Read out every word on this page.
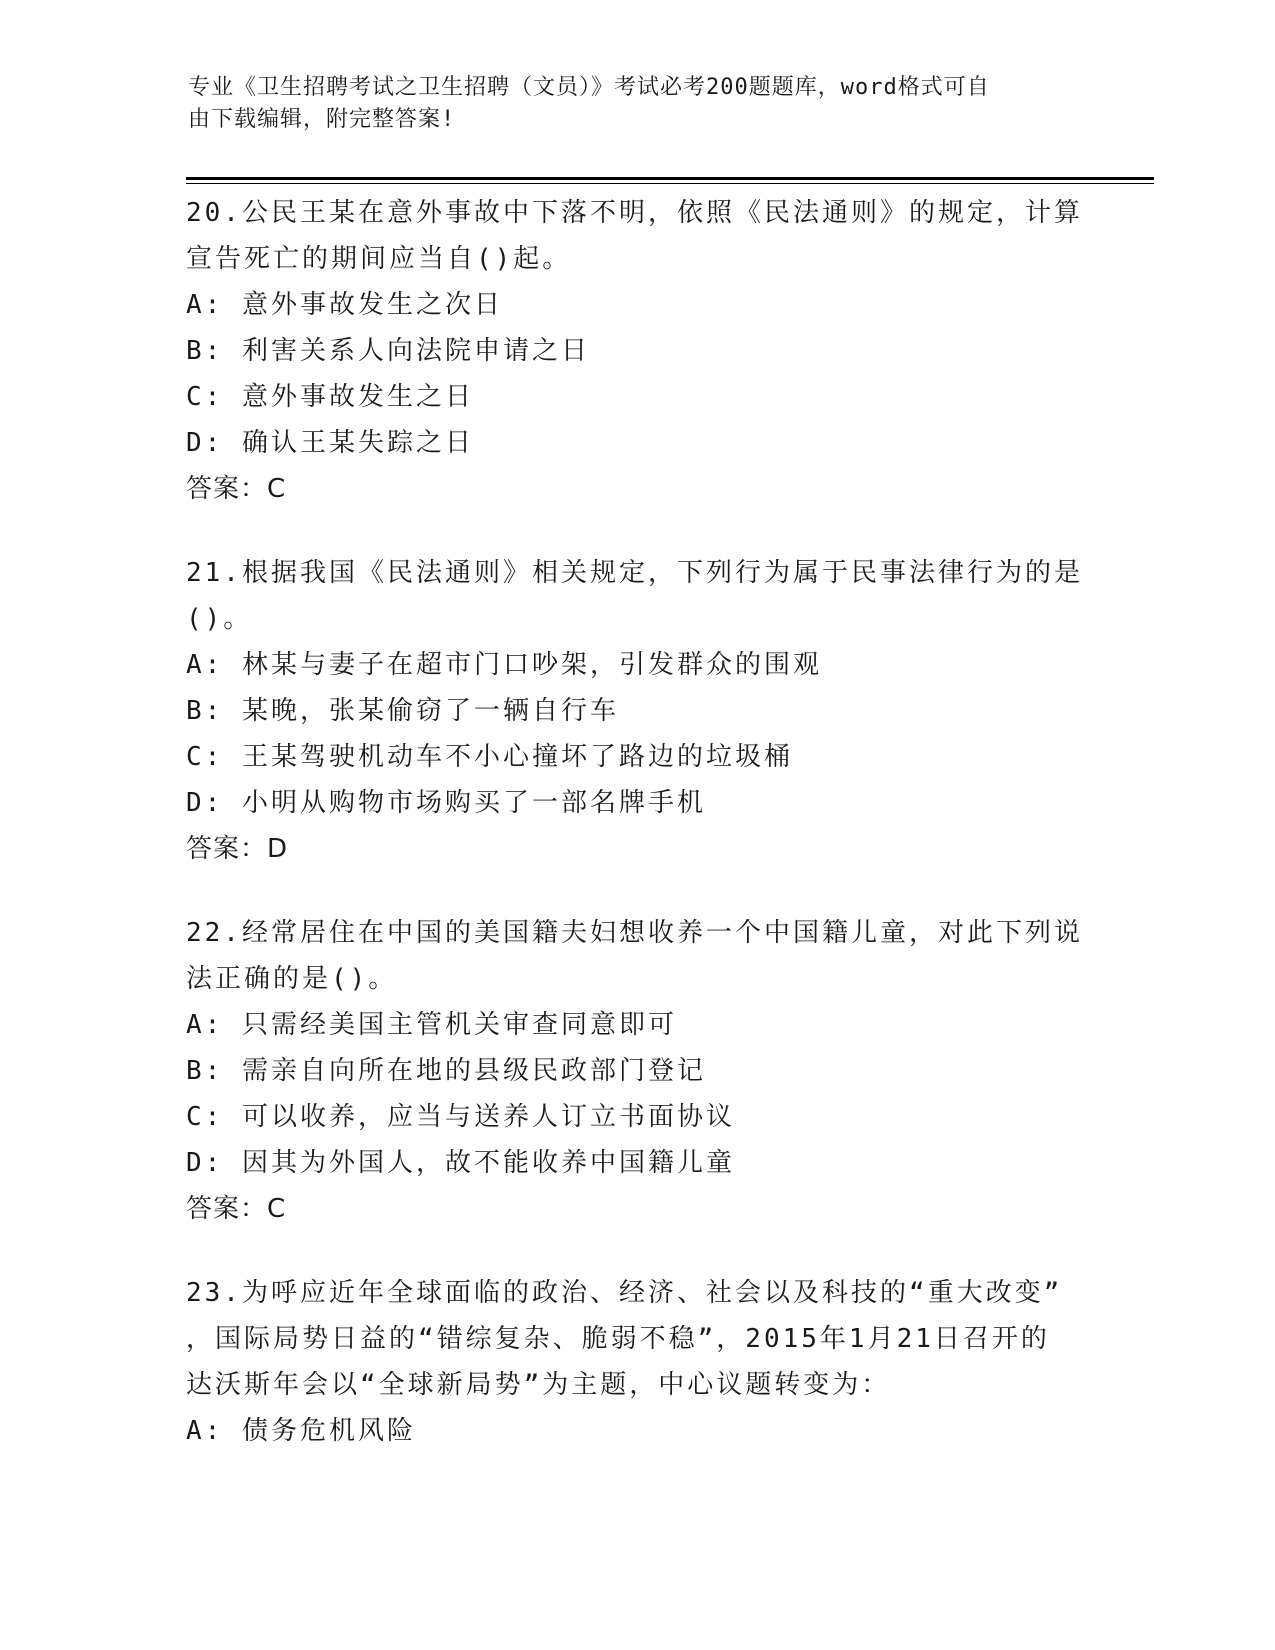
专业《卫生招聘考试之卫生招聘（文员）》考试必考200题题库，word格式可自
由下载编辑，附完整答案!
20.公民王某在意外事故中下落不明，依照《民法通则》的规定，计算
宣告死亡的期间应当自()起。
A: 意外事故发生之次日
B: 利害关系人向法院申请之日
C: 意外事故发生之日
D: 确认王某失踪之日
答案：C
21.根据我国《民法通则》相关规定，下列行为属于民事法律行为的是
()。
A: 林某与妻子在超市门口吵架，引发群众的围观
B: 某晚，张某偷窃了一辆自行车
C: 王某驾驶机动车不小心撞坏了路边的垃圾桶
D: 小明从购物市场购买了一部名牌手机
答案：D
22.经常居住在中国的美国籍夫妇想收养一个中国籍儿童，对此下列说
法正确的是()。
A: 只需经美国主管机关审查同意即可
B: 需亲自向所在地的县级民政部门登记
C: 可以收养，应当与送养人订立书面协议
D: 因其为外国人，故不能收养中国籍儿童
答案：C
23.为呼应近年全球面临的政治、经济、社会以及科技的“重大改变”
，国际局势日益的“错综复杂、脆弱不稳”，2015年1月21日召开的
达沃斯年会以“全球新局势”为主题，中心议题转变为：
A: 债务危机风险
